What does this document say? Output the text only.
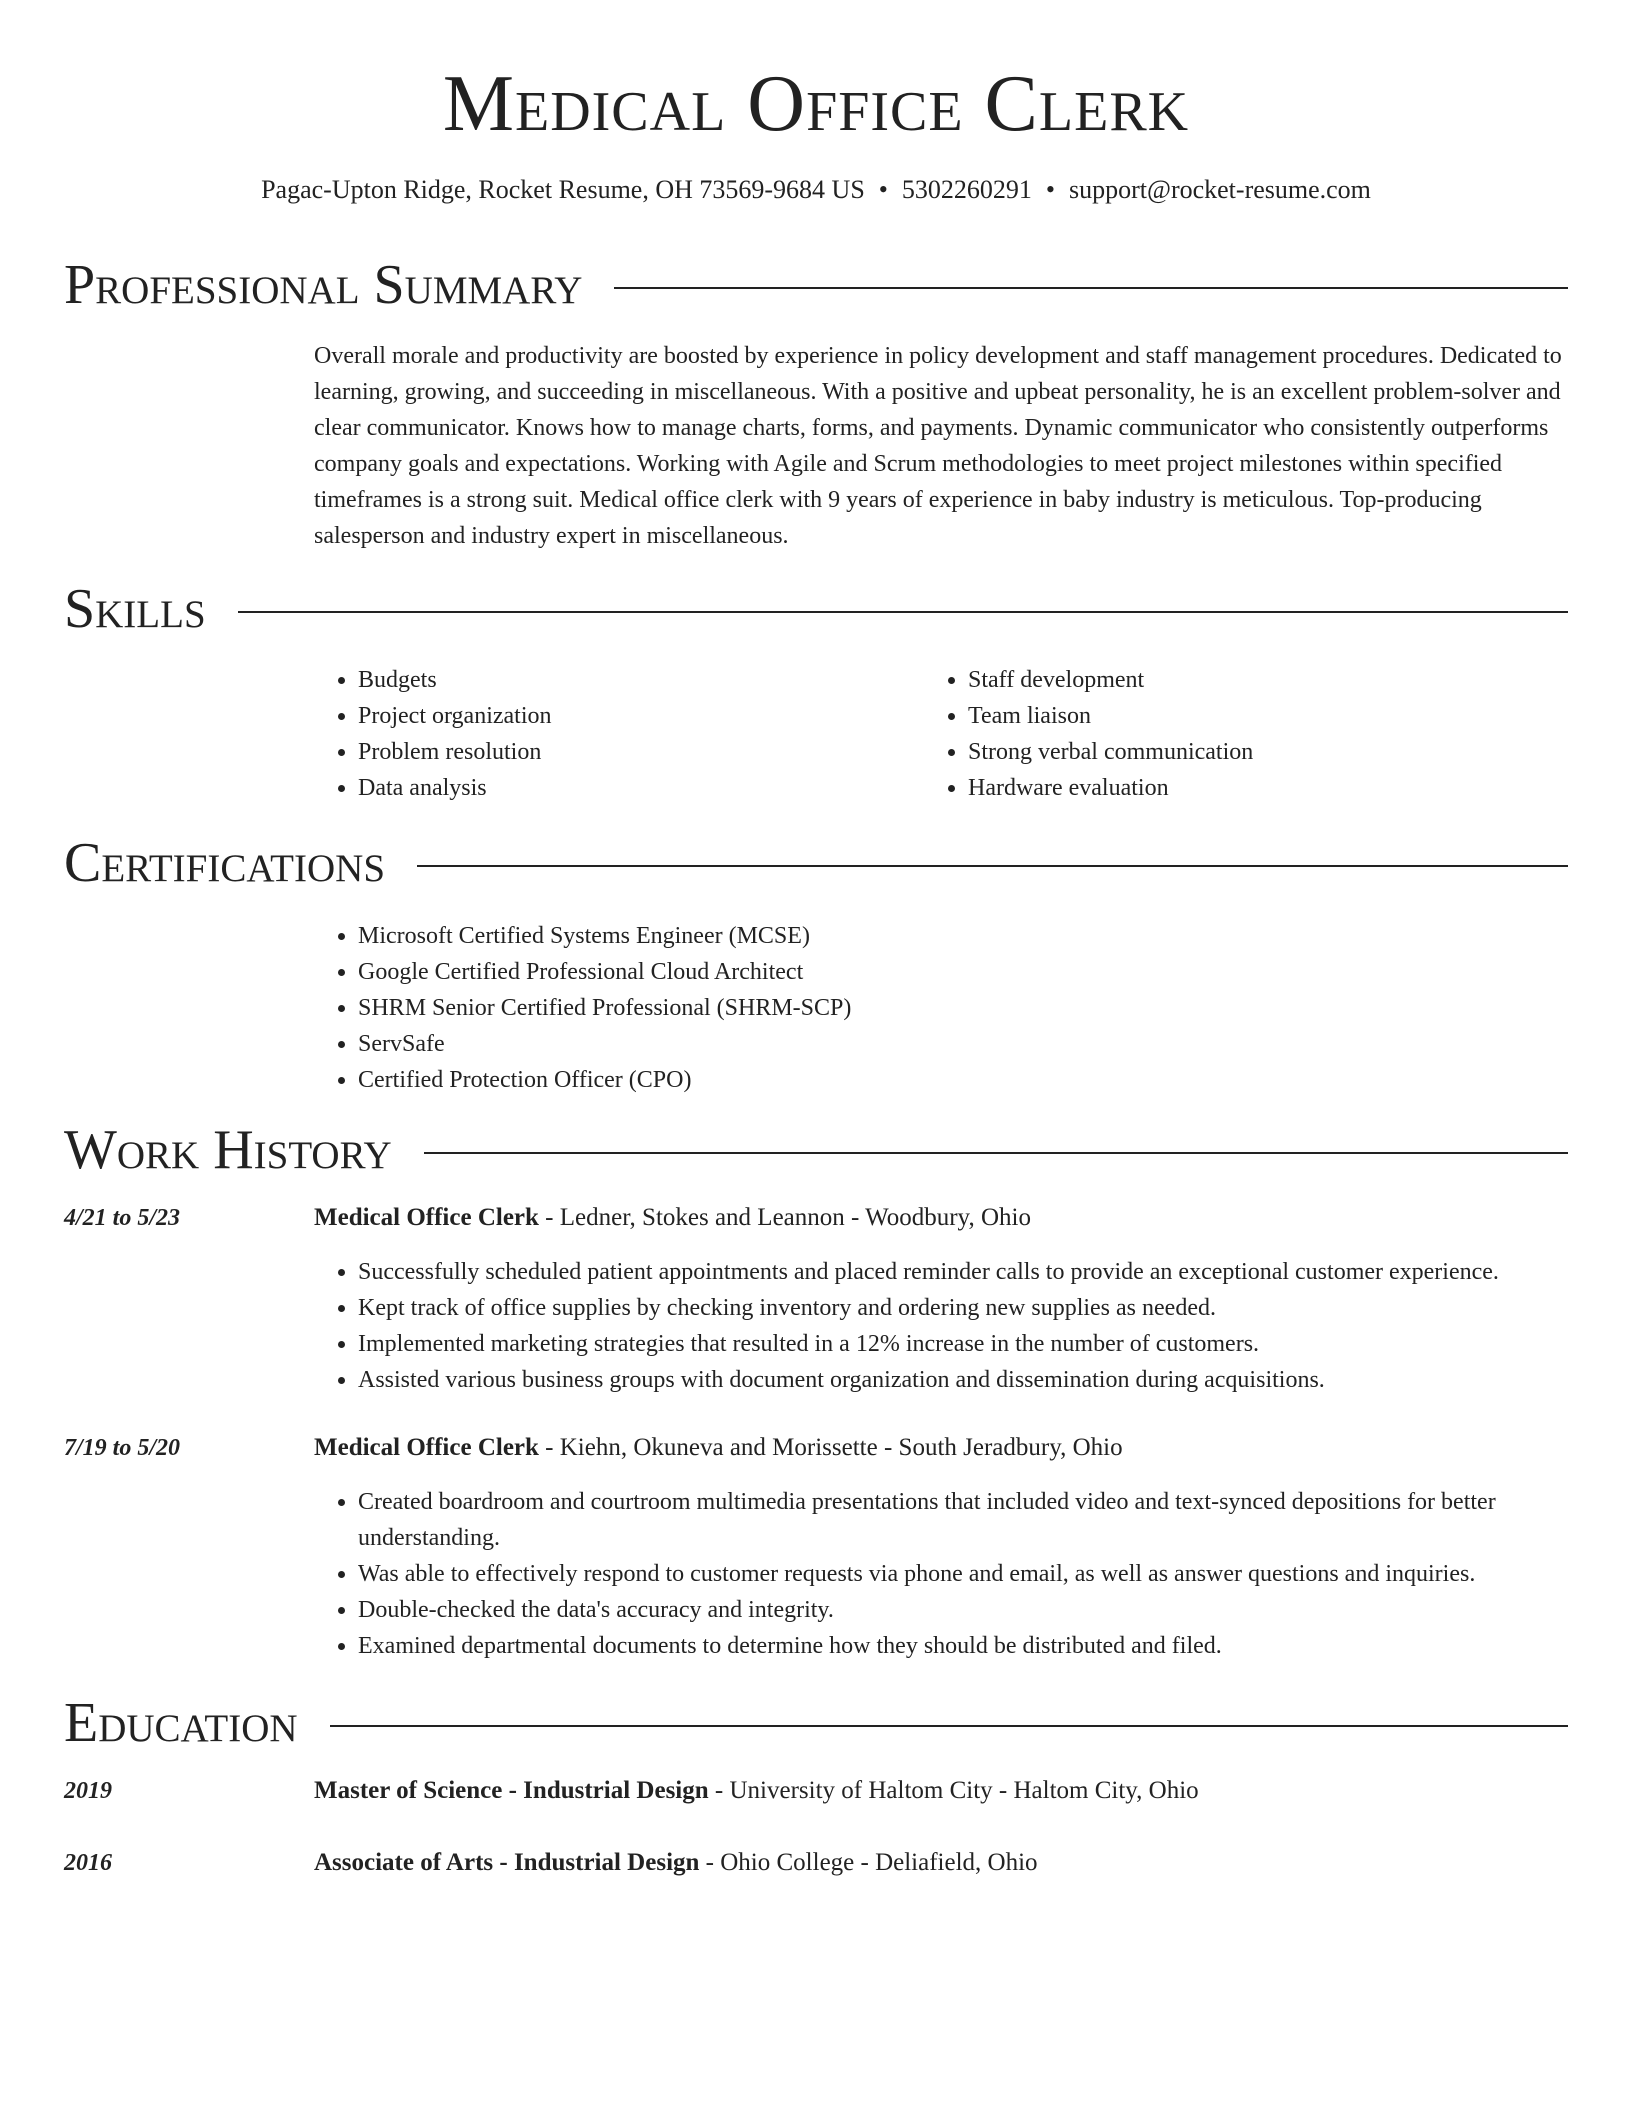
Medical Office Clerk
Pagac-Upton Ridge, Rocket Resume, OH 73569-9684 US • 5302260291 • support@rocket-resume.com
Professional Summary

Overall morale and productivity are boosted by experience in policy development and staff management procedures. Dedicated to learning, growing, and succeeding in miscellaneous. With a positive and upbeat personality, he is an excellent problem-solver and clear communicator. Knows how to manage charts, forms, and payments. Dynamic communicator who consistently outperforms company goals and expectations. Working with Agile and Scrum methodologies to meet project milestones within specified timeframes is a strong suit. Medical office clerk with 9 years of experience in baby industry is meticulous. Top-producing salesperson and industry expert in miscellaneous.

Skills
• Budgets
• Project organization
• Problem resolution
• Data analysis
• Staff development
• Team liaison
• Strong verbal communication
• Hardware evaluation
Certifications
• Microsoft Certified Systems Engineer (MCSE)
• Google Certified Professional Cloud Architect
• SHRM Senior Certified Professional (SHRM-SCP)
• ServSafe
• Certified Protection Officer (CPO)
Work History
4/21 to 5/23	Medical Office Clerk - Ledner, Stokes and Leannon - Woodbury, Ohio
• Successfully scheduled patient appointments and placed reminder calls to provide an exceptional customer experience.
• Kept track of office supplies by checking inventory and ordering new supplies as needed.
• Implemented marketing strategies that resulted in a 12% increase in the number of customers.
• Assisted various business groups with document organization and dissemination during acquisitions.
7/19 to 5/20	Medical Office Clerk - Kiehn, Okuneva and Morissette - South Jeradbury, Ohio
• Created boardroom and courtroom multimedia presentations that included video and text-synced depositions for better understanding.
• Was able to effectively respond to customer requests via phone and email, as well as answer questions and inquiries.
• Double-checked the data's accuracy and integrity.
• Examined departmental documents to determine how they should be distributed and filed.
Education
2019	Master of Science - Industrial Design - University of Haltom City - Haltom City, Ohio
2016	Associate of Arts - Industrial Design - Ohio College - Deliafield, Ohio
